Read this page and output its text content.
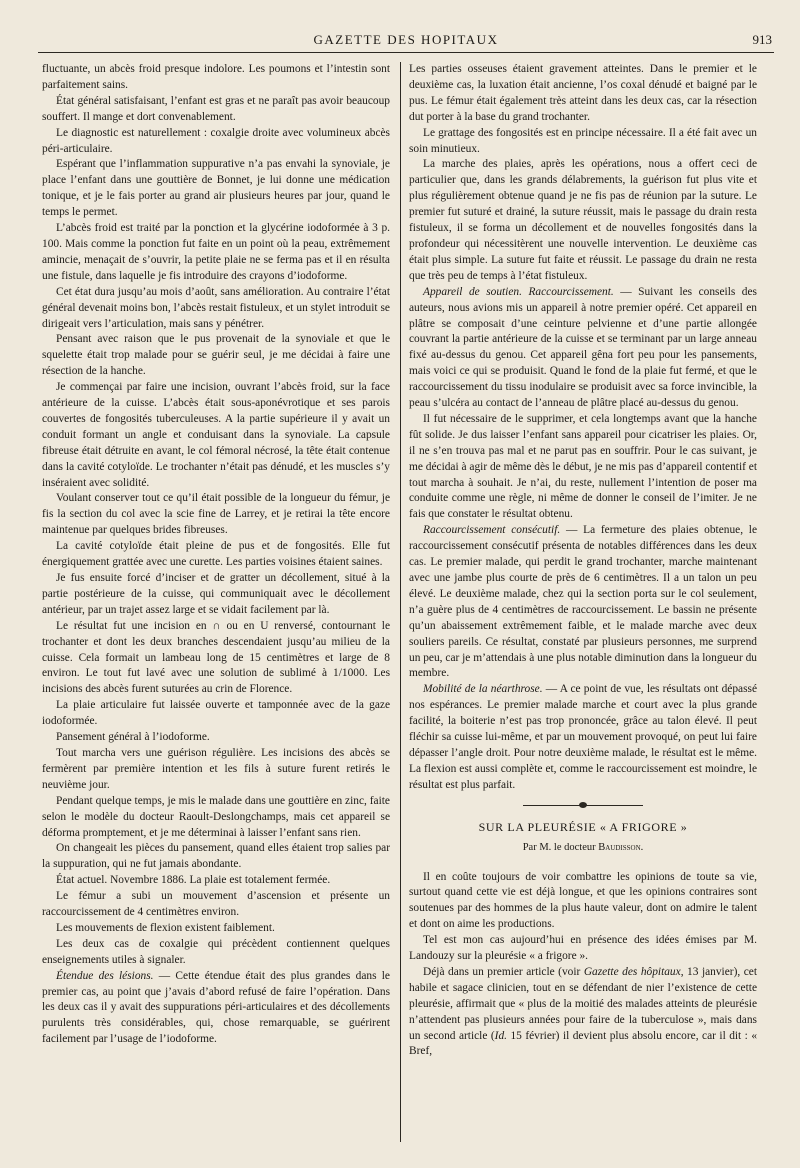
GAZETTE DES HOPITAUX	913

fluctuante, un abcès froid presque indolore. Les poumons et l’intestin sont parfaitement sains.

État général satisfaisant, l’enfant est gras et ne paraît pas avoir beaucoup souffert. Il mange et dort convenablement.

Le diagnostic est naturellement : coxalgie droite avec volumineux abcès péri-articulaire.

Espérant que l’inflammation suppurative n’a pas envahi la synoviale, je place l’enfant dans une gouttière de Bonnet, je lui donne une médication tonique, et je le fais porter au grand air plusieurs heures par jour, quand le temps le permet.

L’abcès froid est traité par la ponction et la glycérine iodoformée à 3 p. 100. Mais comme la ponction fut faite en un point où la peau, extrêmement amincie, menaçait de s’ouvrir, la petite plaie ne se ferma pas et il en résulta une fistule, dans laquelle je fis introduire des crayons d’iodoforme.

Cet état dura jusqu’au mois d’août, sans amélioration. Au contraire l’état général devenait moins bon, l’abcès restait fistuleux, et un stylet introduit se dirigeait vers l’articulation, mais sans y pénétrer.

Pensant avec raison que le pus provenait de la synoviale et que le squelette était trop malade pour se guérir seul, je me décidai à faire une résection de la hanche.

Je commençai par faire une incision, ouvrant l’abcès froid, sur la face antérieure de la cuisse. L’abcès était sous-aponévrotique et ses parois couvertes de fongosités tuberculeuses. A la partie supérieure il y avait un conduit formant un angle et conduisant dans la synoviale. La capsule fibreuse était détruite en avant, le col fémoral nécrosé, la tête était contenue dans la cavité cotyloïde. Le trochanter n’était pas dénudé, et les muscles s’y inséraient avec solidité.

Voulant conserver tout ce qu’il était possible de la longueur du fémur, je fis la section du col avec la scie fine de Larrey, et je retirai la tête encore maintenue par quelques brides fibreuses.

La cavité cotyloïde était pleine de pus et de fongosités. Elle fut énergiquement grattée avec une curette. Les parties voisines étaient saines.

Je fus ensuite forcé d’inciser et de gratter un décollement, situé à la partie postérieure de la cuisse, qui communiquait avec le décollement antérieur, par un trajet assez large et se vidait facilement par là.

Le résultat fut une incision en ∩ ou en U renversé, contournant le trochanter et dont les deux branches descendaient jusqu’au milieu de la cuisse. Cela formait un lambeau long de 15 centimètres et large de 8 environ. Le tout fut lavé avec une solution de sublimé à 1/1000. Les incisions des abcès furent suturées au crin de Florence.

La plaie articulaire fut laissée ouverte et tamponnée avec de la gaze iodoformée.

Pansement général à l’iodoforme.

Tout marcha vers une guérison régulière. Les incisions des abcès se fermèrent par première intention et les fils à suture furent retirés le neuvième jour.

Pendant quelque temps, je mis le malade dans une gouttière en zinc, faite selon le modèle du docteur Raoult-Deslongchamps, mais cet appareil se déforma promptement, et je me déterminai à laisser l’enfant sans rien.

On changeait les pièces du pansement, quand elles étaient trop salies par la suppuration, qui ne fut jamais abondante.

État actuel. Novembre 1886. La plaie est totalement fermée.

Le fémur a subi un mouvement d’ascension et présente un raccourcissement de 4 centimètres environ.

Les mouvements de flexion existent faiblement.

Les deux cas de coxalgie qui précèdent contiennent quelques enseignements utiles à signaler.

Étendue des lésions. — Cette étendue était des plus grandes dans le premier cas, au point que j’avais d’abord refusé de faire l’opération. Dans les deux cas il y avait des suppurations péri-articulaires et des décollements purulents très considérables, qui, chose remarquable, se guérirent facilement par l’usage de l’iodoforme.

Les parties osseuses étaient gravement atteintes. Dans le premier et le deuxième cas, la luxation était ancienne, l’os coxal dénudé et baigné par le pus. Le fémur était également très atteint dans les deux cas, car la résection dut porter à la base du grand trochanter.

Le grattage des fongosités est en principe nécessaire. Il a été fait avec un soin minutieux.

La marche des plaies, après les opérations, nous a offert ceci de particulier que, dans les grands délabrements, la guérison fut plus vite et plus régulièrement obtenue quand je ne fis pas de réunion par la suture. Le premier fut suturé et drainé, la suture réussit, mais le passage du drain resta fistuleux, il se forma un décollement et de nouvelles fongosités dans la profondeur qui nécessitèrent une nouvelle intervention. Le deuxième cas était plus simple. La suture fut faite et réussit. Le passage du drain ne resta que très peu de temps à l’état fistuleux.

Appareil de soutien. Raccourcissement. — Suivant les conseils des auteurs, nous avions mis un appareil à notre premier opéré. Cet appareil en plâtre se composait d’une ceinture pelvienne et d’une partie allongée couvrant la partie antérieure de la cuisse et se terminant par un large anneau fixé au-dessus du genou. Cet appareil gêna fort peu pour les pansements, mais voici ce qui se produisit. Quand le fond de la plaie fut fermé, et que le raccourcissement du tissu inodulaire se produisit avec sa force invincible, la peau s’ulcéra au contact de l’anneau de plâtre placé au-dessus du genou.

Il fut nécessaire de le supprimer, et cela longtemps avant que la hanche fût solide. Je dus laisser l’enfant sans appareil pour cicatriser les plaies. Or, il ne s’en trouva pas mal et ne parut pas en souffrir. Pour le cas suivant, je me décidai à agir de même dès le début, je ne mis pas d’appareil contentif et tout marcha à souhait. Je n’ai, du reste, nullement l’intention de poser ma conduite comme une règle, ni même de donner le conseil de l’imiter. Je ne fais que constater le résultat obtenu.

Raccourcissement consécutif. — La fermeture des plaies obtenue, le raccourcissement consécutif présenta de notables différences dans les deux cas. Le premier malade, qui perdit le grand trochanter, marche maintenant avec une jambe plus courte de près de 6 centimètres. Il a un talon un peu élevé. Le deuxième malade, chez qui la section porta sur le col seulement, n’a guère plus de 4 centimètres de raccourcissement. Le bassin ne présente qu’un abaissement extrêmement faible, et le malade marche avec deux souliers pareils. Ce résultat, constaté par plusieurs personnes, me surprend un peu, car je m’attendais à une plus notable diminution dans la longueur du membre.

Mobilité de la néarthrose. — A ce point de vue, les résultats ont dépassé nos espérances. Le premier malade marche et court avec la plus grande facilité, la boiterie n’est pas trop prononcée, grâce au talon élevé. Il peut fléchir sa cuisse lui-même, et par un mouvement provoqué, on peut lui faire dépasser l’angle droit. Pour notre deuxième malade, le résultat est le même. La flexion est aussi complète et, comme le raccourcissement est moindre, le résultat est plus parfait.

SUR LA PLEURÉSIE « A FRIGORE »
Par M. le docteur Baudisson.

Il en coûte toujours de voir combattre les opinions de toute sa vie, surtout quand cette vie est déjà longue, et que les opinions contraires sont soutenues par des hommes de la plus haute valeur, dont on admire le talent et dont on aime les productions.

Tel est mon cas aujourd’hui en présence des idées émises par M. Landouzy sur la pleurésie « a frigore ».

Déjà dans un premier article (voir Gazette des hôpitaux, 13 janvier), cet habile et sagace clinicien, tout en se défendant de nier l’existence de cette pleurésie, affirmait que « plus de la moitié des malades atteints de pleurésie n’attendent pas plusieurs années pour faire de la tuberculose », mais dans un second article (Id. 15 février) il devient plus absolu encore, car il dit : « Bref,
